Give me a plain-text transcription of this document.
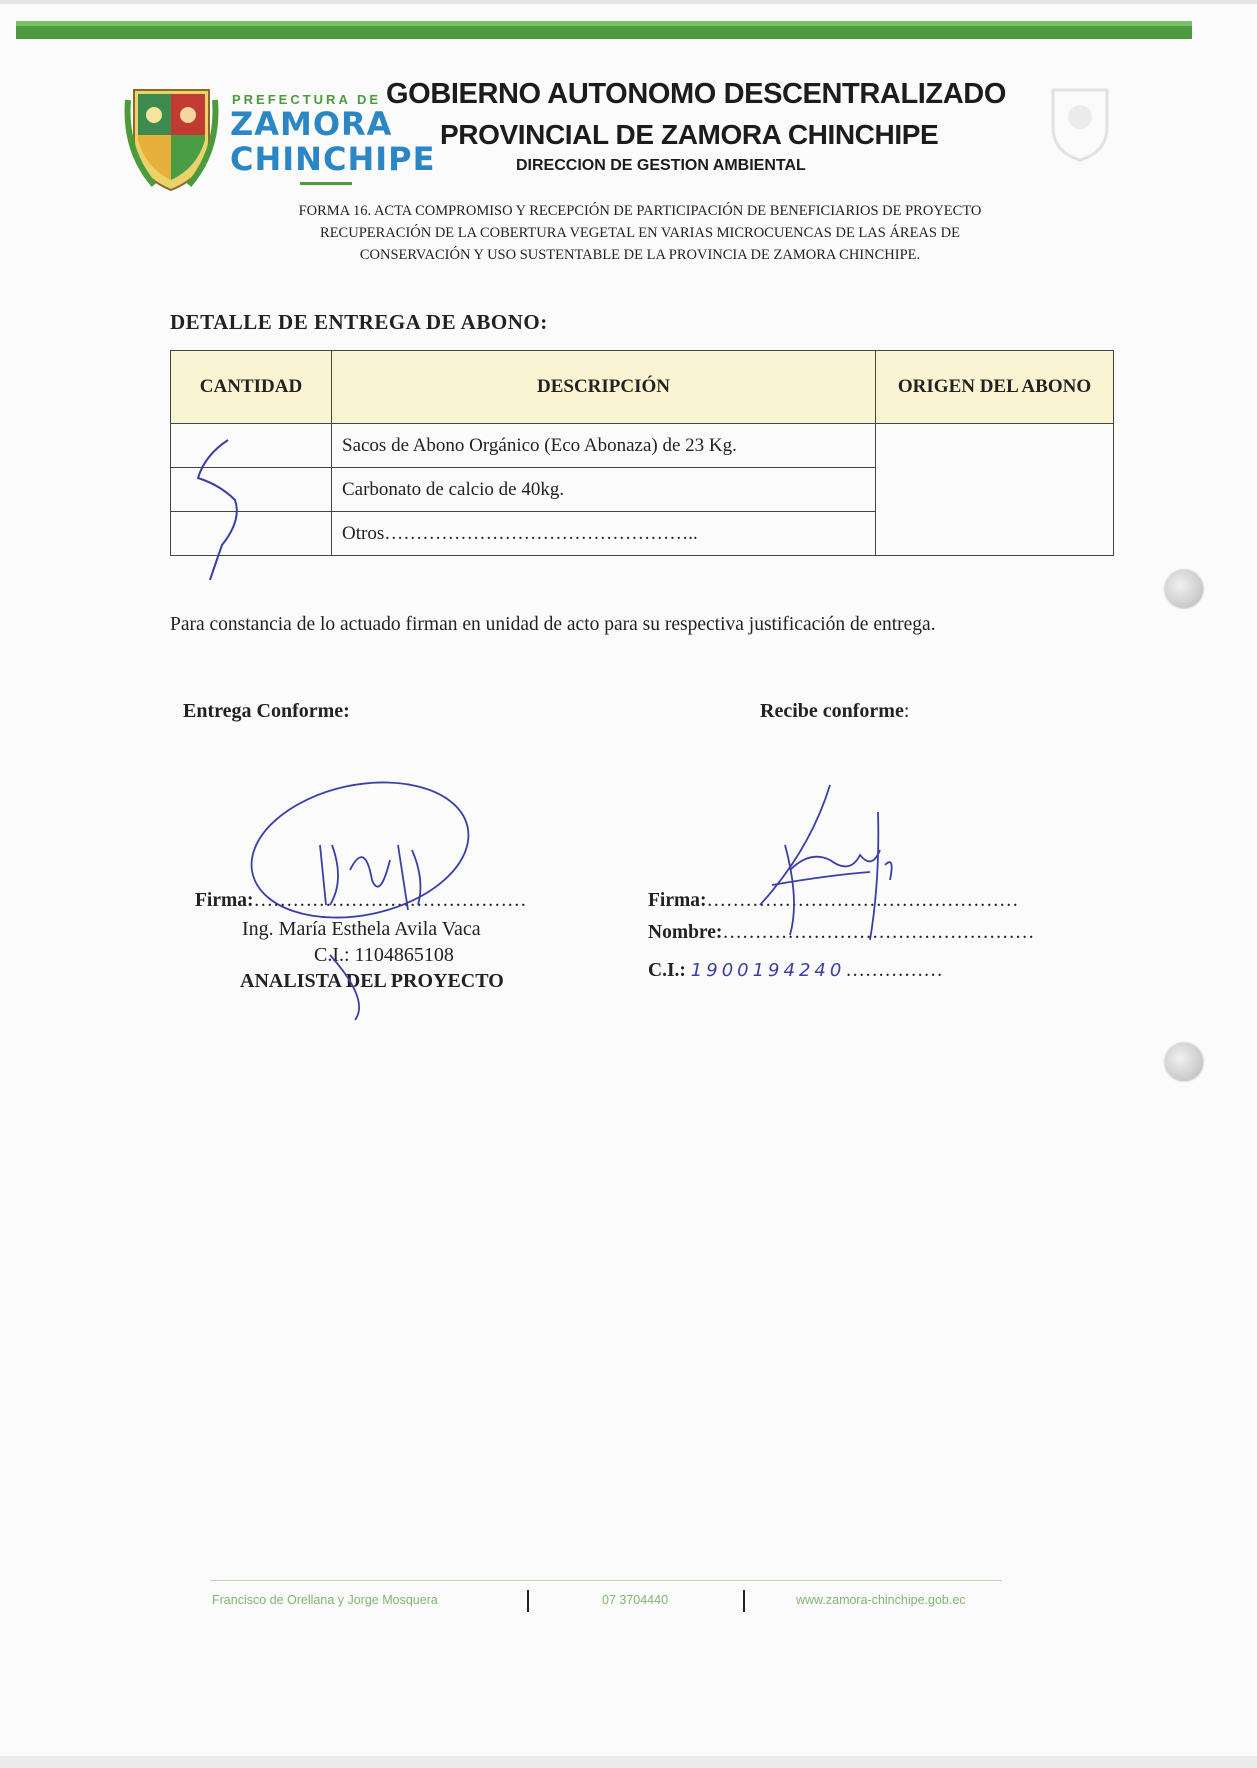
PREFECTURA DE
ZAMORA
CHINCHIPE
GOBIERNO AUTONOMO DESCENTRALIZADO
PROVINCIAL DE ZAMORA CHINCHIPE
DIRECCION DE GESTION AMBIENTAL
FORMA 16. ACTA COMPROMISO Y RECEPCIÓN DE PARTICIPACIÓN DE BENEFICIARIOS DE PROYECTO
RECUPERACIÓN DE LA COBERTURA VEGETAL EN VARIAS MICROCUENCAS DE LAS ÁREAS DE
CONSERVACIÓN Y USO SUSTENTABLE DE LA PROVINCIA DE ZAMORA CHINCHIPE.
DETALLE DE ENTREGA DE ABONO:
CANTIDAD	DESCRIPCIÓN	ORIGEN DEL ABONO
	Sacos de Abono Orgánico (Eco Abonaza) de 23 Kg.	
	Carbonato de calcio de 40kg.	
	Otros…………………………………………..	
Para constancia de lo actuado firman en unidad de acto para su respectiva justificación de entrega.
Entrega Conforme:	Recibe conforme:
Firma:……………………………………
Ing. María Esthela Avila Vaca
C.I.: 1104865108
ANALISTA DEL PROYECTO
Firma:…………………………………………
Nombre:…………………………………………
C.I.: 1900194240……………
Francisco de Orellana y Jorge Mosquera	07 3704440	www.zamora-chinchipe.gob.ec
